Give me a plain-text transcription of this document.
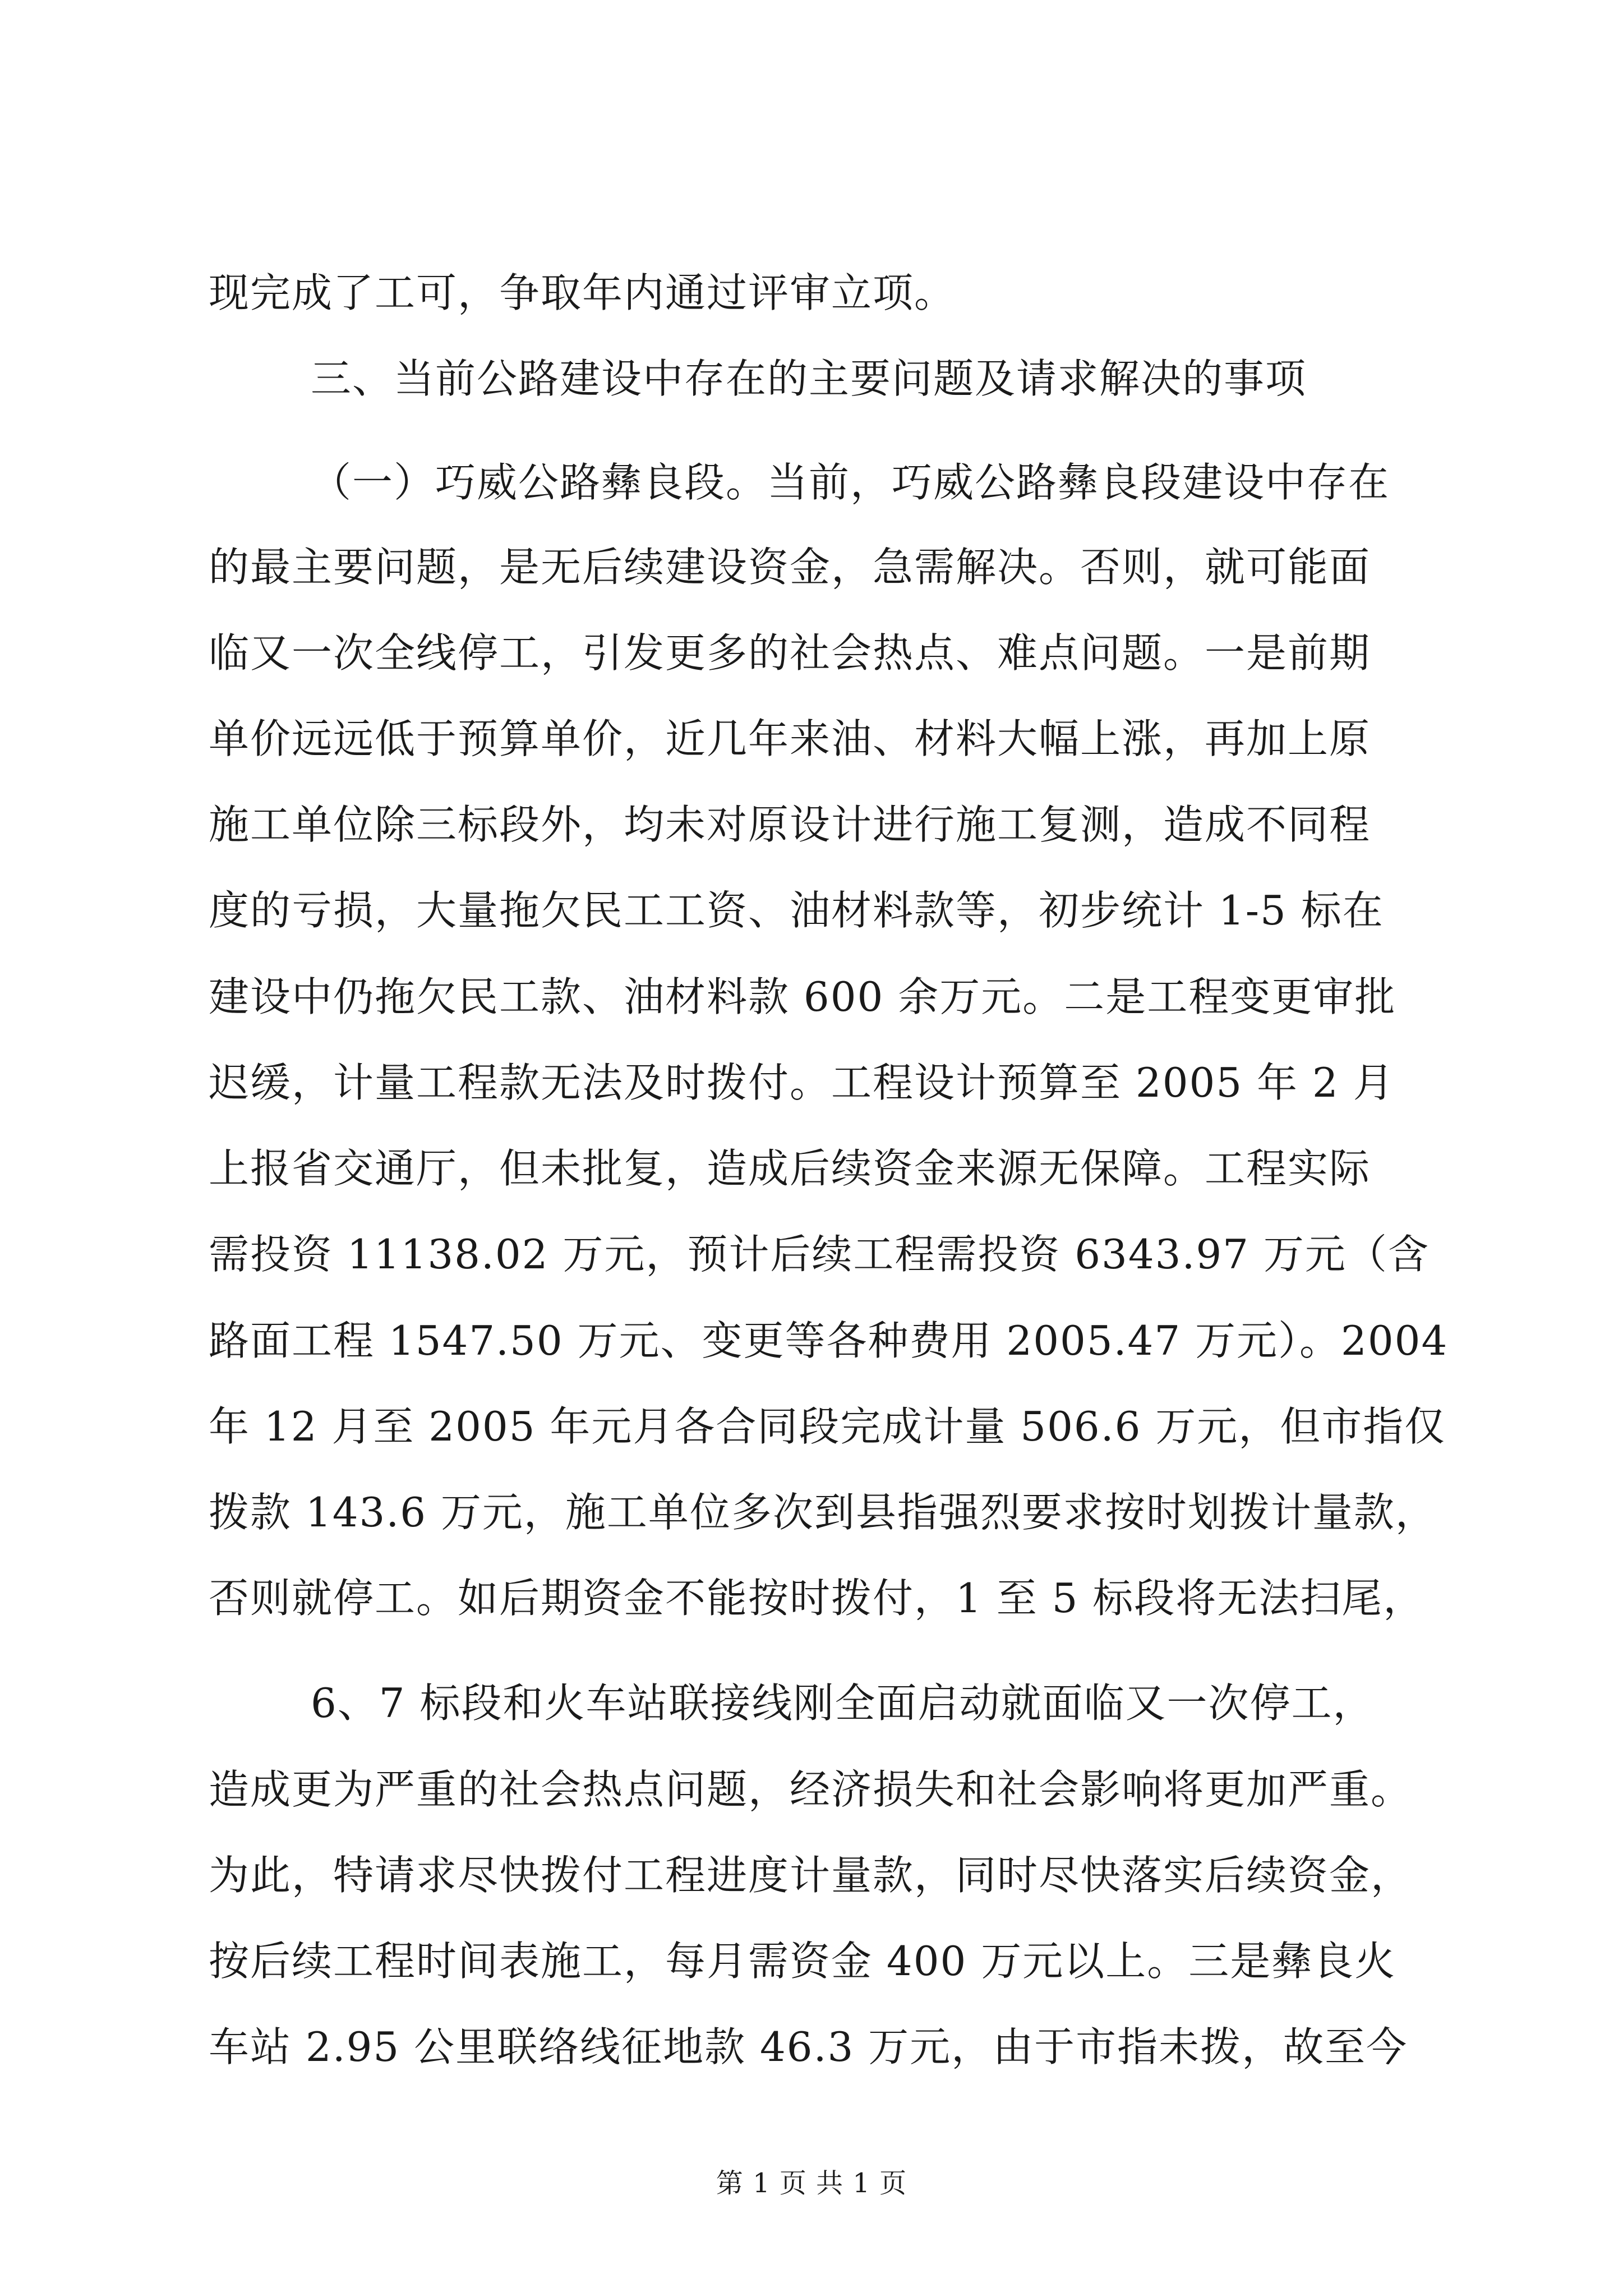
现完成了工可，争取年内通过评审立项。
三、当前公路建设中存在的主要问题及请求解决的事项
（一）巧威公路彝良段。当前，巧威公路彝良段建设中存在
的最主要问题，是无后续建设资金，急需解决。否则，就可能面
临又一次全线停工，引发更多的社会热点、难点问题。一是前期
单价远远低于预算单价，近几年来油、材料大幅上涨，再加上原
施工单位除三标段外，均未对原设计进行施工复测，造成不同程
度的亏损，大量拖欠民工工资、油材料款等，初步统计 1-5 标在
建设中仍拖欠民工款、油材料款 600 余万元。二是工程变更审批
迟缓，计量工程款无法及时拨付。工程设计预算至 2005 年 2 月
上报省交通厅，但未批复，造成后续资金来源无保障。工程实际
需投资 11138.02 万元，预计后续工程需投资 6343.97 万元（含
路面工程 1547.50 万元、变更等各种费用 2005.47 万元）。2004
年 12 月至 2005 年元月各合同段完成计量 506.6 万元，但市指仅
拨款 143.6 万元，施工单位多次到县指强烈要求按时划拨计量款，
否则就停工。如后期资金不能按时拨付，1 至 5 标段将无法扫尾，
6、7 标段和火车站联接线刚全面启动就面临又一次停工，
造成更为严重的社会热点问题，经济损失和社会影响将更加严重。
为此，特请求尽快拨付工程进度计量款，同时尽快落实后续资金，
按后续工程时间表施工，每月需资金 400 万元以上。三是彝良火
车站 2.95 公里联络线征地款 46.3 万元，由于市指未拨，故至今
第 1 页 共 1 页
